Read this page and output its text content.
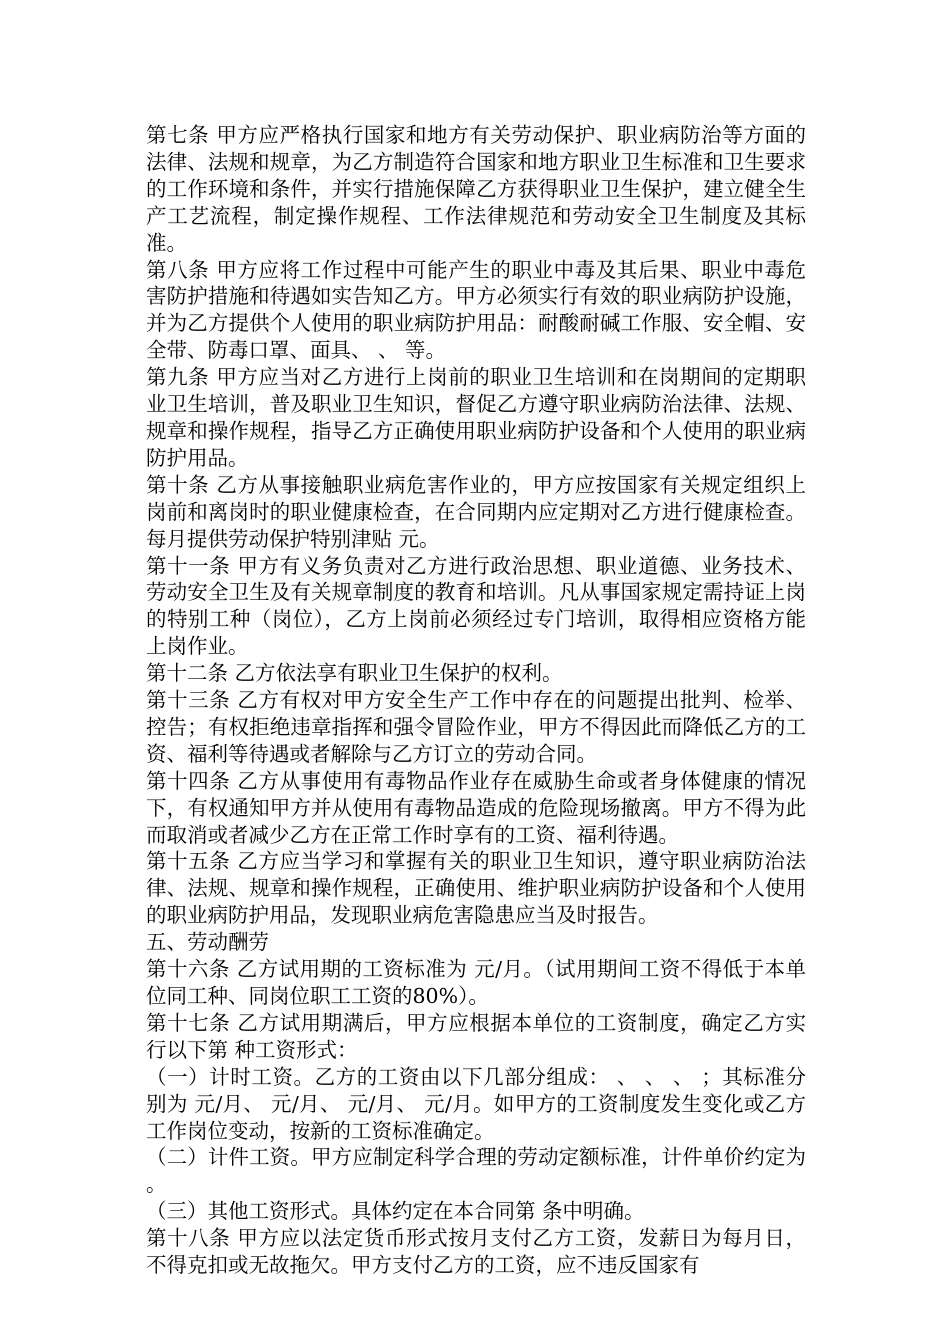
第七条 甲方应严格执行国家和地方有关劳动保护、职业病防治等方面的法律、法规和规章，为乙方制造符合国家和地方职业卫生标准和卫生要求的工作环境和条件，并实行措施保障乙方获得职业卫生保护，建立健全生产工艺流程，制定操作规程、工作法律规范和劳动安全卫生制度及其标准。

第八条 甲方应将工作过程中可能产生的职业中毒及其后果、职业中毒危害防护措施和待遇如实告知乙方。甲方必须实行有效的职业病防护设施，并为乙方提供个人使用的职业病防护用品：耐酸耐碱工作服、安全帽、安全带、防毒口罩、面具、 、 等。

第九条 甲方应当对乙方进行上岗前的职业卫生培训和在岗期间的定期职业卫生培训，普及职业卫生知识，督促乙方遵守职业病防治法律、法规、规章和操作规程，指导乙方正确使用职业病防护设备和个人使用的职业病防护用品。

第十条 乙方从事接触职业病危害作业的，甲方应按国家有关规定组织上岗前和离岗时的职业健康检查，在合同期内应定期对乙方进行健康检查。每月提供劳动保护特别津贴 元。

第十一条 甲方有义务负责对乙方进行政治思想、职业道德、业务技术、劳动安全卫生及有关规章制度的教育和培训。凡从事国家规定需持证上岗的特别工种（岗位），乙方上岗前必须经过专门培训，取得相应资格方能上岗作业。

第十二条 乙方依法享有职业卫生保护的权利。

第十三条 乙方有权对甲方安全生产工作中存在的问题提出批判、检举、控告；有权拒绝违章指挥和强令冒险作业，甲方不得因此而降低乙方的工资、福利等待遇或者解除与乙方订立的劳动合同。

第十四条 乙方从事使用有毒物品作业存在威胁生命或者身体健康的情况下，有权通知甲方并从使用有毒物品造成的危险现场撤离。甲方不得为此而取消或者减少乙方在正常工作时享有的工资、福利待遇。

第十五条 乙方应当学习和掌握有关的职业卫生知识，遵守职业病防治法律、法规、规章和操作规程，正确使用、维护职业病防护设备和个人使用的职业病防护用品，发现职业病危害隐患应当及时报告。

五、劳动酬劳

第十六条 乙方试用期的工资标准为 元/月。（试用期间工资不得低于本单位同工种、同岗位职工工资的80%）。

第十七条 乙方试用期满后，甲方应根据本单位的工资制度，确定乙方实行以下第 种工资形式：

（一）计时工资。乙方的工资由以下几部分组成： 、 、 、 ；其标准分别为 元/月、 元/月、 元/月、 元/月。如甲方的工资制度发生变化或乙方工作岗位变动，按新的工资标准确定。

（二）计件工资。甲方应制定科学合理的劳动定额标准，计件单价约定为 。

（三）其他工资形式。具体约定在本合同第 条中明确。

第十八条 甲方应以法定货币形式按月支付乙方工资，发薪日为每月日，不得克扣或无故拖欠。甲方支付乙方的工资，应不违反国家有
